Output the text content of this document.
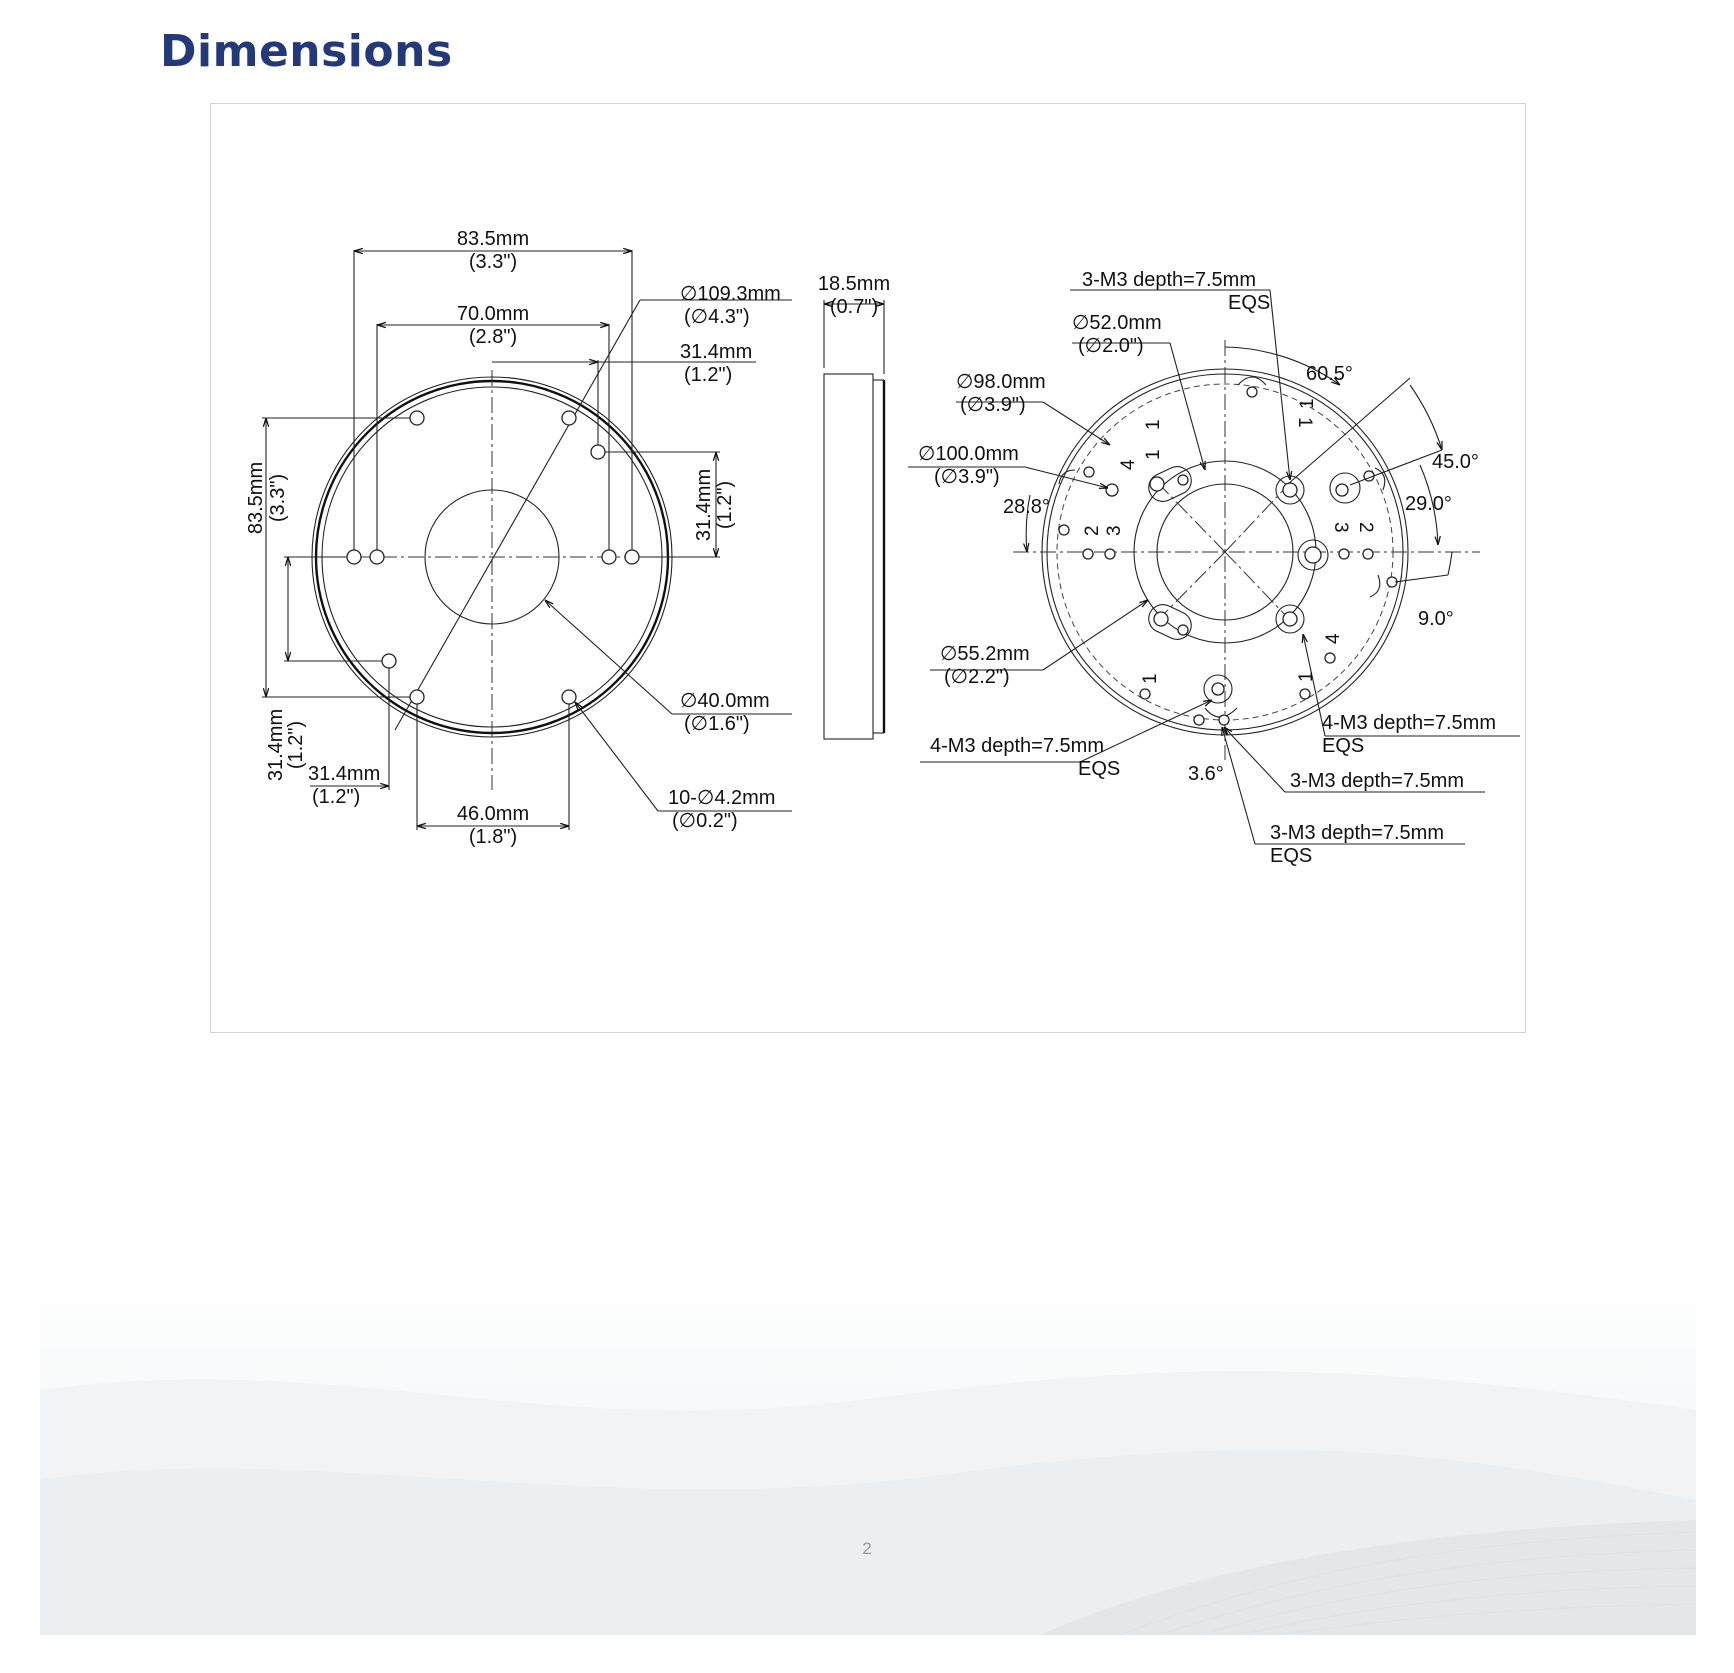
Dimensions
83.5mm
(3.3")
70.0mm
(2.8")
∅109.3mm
(∅4.3")
31.4mm
(1.2")
∅40.0mm
(∅1.6")
10-∅4.2mm
(∅0.2")
46.0mm
(1.8")
31.4mm
(1.2")
83.5mm (3.3")
31.4mm
(1.2")
31.4mm (1.2")
18.5mm
(0.7")
1
4
2 3
1
1
3 2
1
4
1
1
3-M3 depth=7.5mm
EQS
∅52.0mm
(∅2.0")
∅98.0mm
(∅3.9")
∅100.0mm
(∅3.9")
28.8°
∅55.2mm
(∅2.2")
60.5°
45.0°
29.0°
9.0°
3.6°
4-M3 depth=7.5mm
EQS
4-M3 depth=7.5mm
EQS
3-M3 depth=7.5mm
3-M3 depth=7.5mm
EQS
2
